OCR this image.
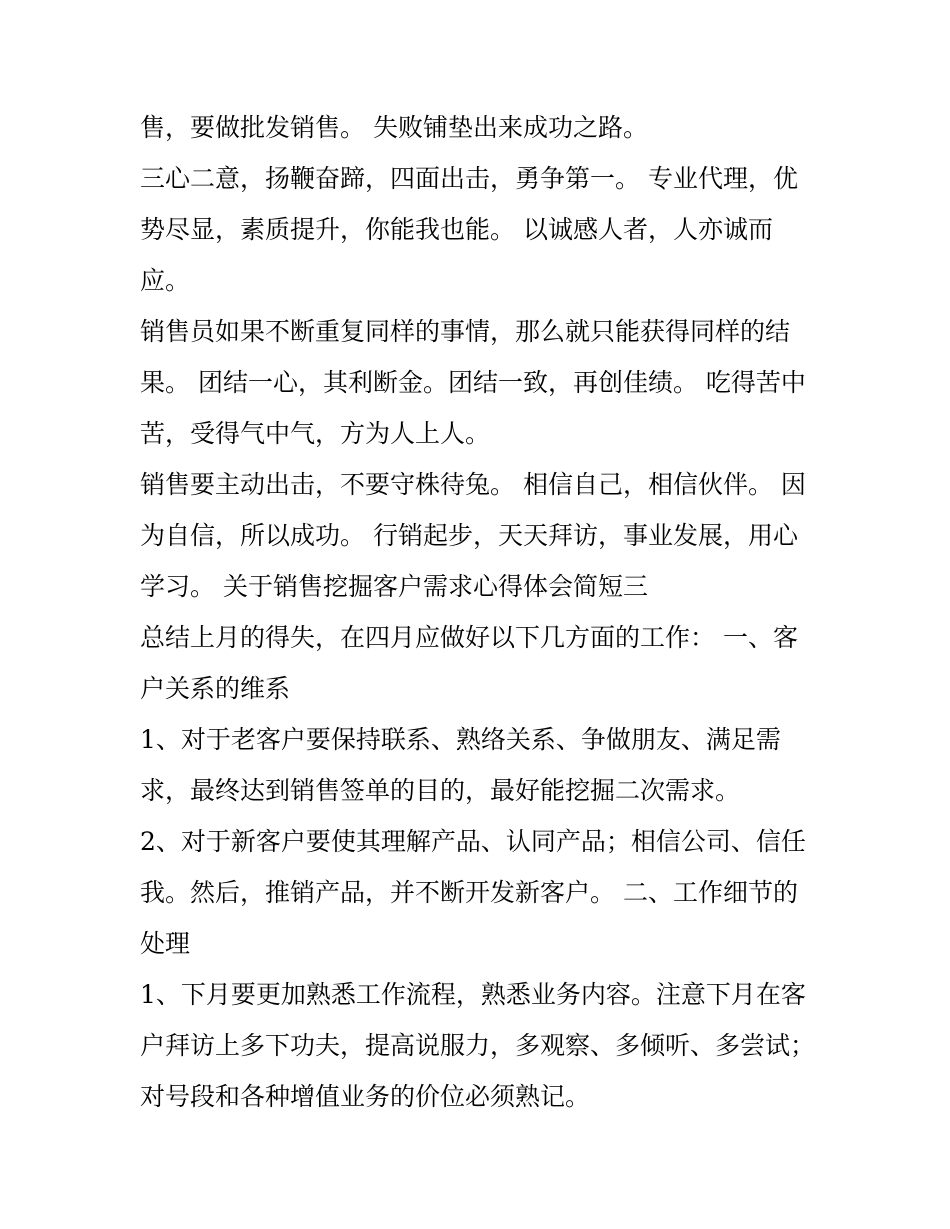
售，要做批发销售。 失败铺垫出来成功之路。
三心二意，扬鞭奋蹄，四面出击，勇争第一。 专业代理，优
势尽显，素质提升，你能我也能。 以诚感人者，人亦诚而
应。
销售员如果不断重复同样的事情，那么就只能获得同样的结
果。 团结一心，其利断金。团结一致，再创佳绩。 吃得苦中
苦，受得气中气，方为人上人。
销售要主动出击，不要守株待兔。 相信自己，相信伙伴。 因
为自信，所以成功。 行销起步，天天拜访，事业发展，用心
学习。 关于销售挖掘客户需求心得体会简短三
总结上月的得失，在四月应做好以下几方面的工作： 一、客
户关系的维系
1、对于老客户要保持联系、熟络关系、争做朋友、满足需
求，最终达到销售签单的目的，最好能挖掘二次需求。
2、对于新客户要使其理解产品、认同产品；相信公司、信任
我。然后，推销产品，并不断开发新客户。 二、工作细节的
处理
1、下月要更加熟悉工作流程，熟悉业务内容。注意下月在客
户拜访上多下功夫，提高说服力，多观察、多倾听、多尝试；
对号段和各种增值业务的价位必须熟记。
